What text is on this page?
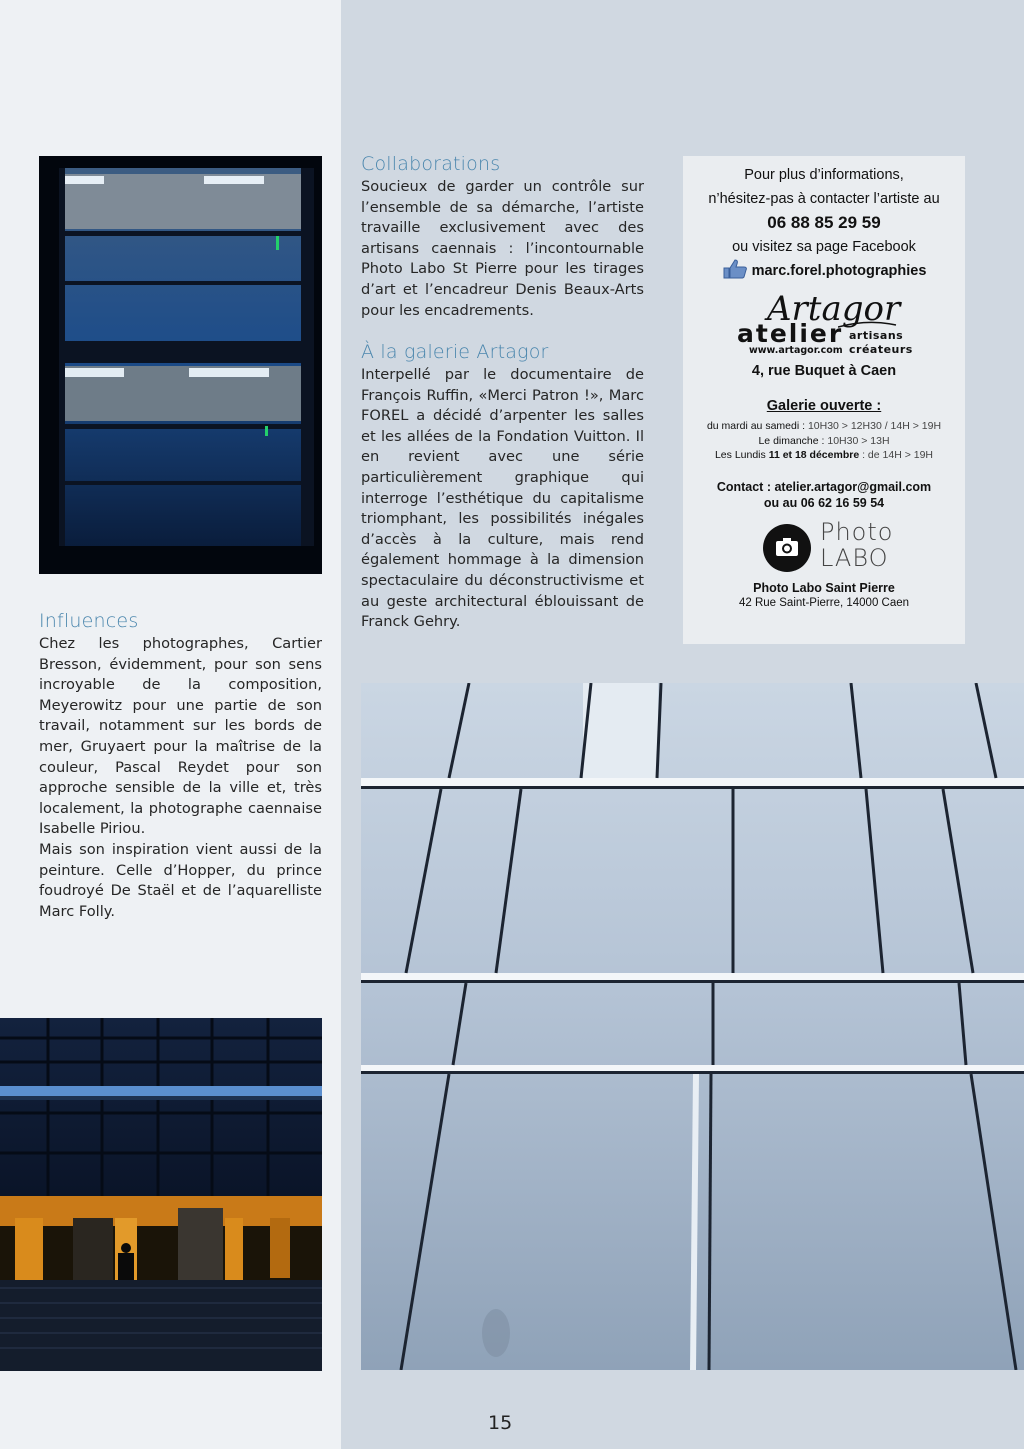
Collaborations
Soucieux de garder un contrôle sur l’ensemble de sa démarche, l’artiste travaille exclusivement avec des artisans caennais : l’incontournable Photo Labo St Pierre pour les tirages d’art et l’encadreur Denis Beaux-Arts pour les encadrements.
À la galerie Artagor
Interpellé par le documentaire de François Ruffin, «Merci Patron !», Marc FOREL a décidé d’arpenter les salles et les allées de la Fondation Vuitton. Il en revient avec une série particulièrement graphique qui interroge l’esthétique du capitalisme triomphant, les possibilités inégales d’accès à la culture, mais rend également hommage à la dimension spectaculaire du déconstructivisme et au geste architectural éblouissant de Franck Gehry.
Influences

Chez les photographes, Cartier Bresson, évidemment, pour son sens incroyable de la composition, Meyerowitz pour une partie de son travail, notamment sur les bords de mer, Gruyaert pour la maîtrise de la couleur, Pascal Reydet pour son approche sensible de la ville et, très localement, la photographe caennaise Isabelle Piriou.

Mais son inspiration vient aussi de la peinture. Celle d’Hopper, du prince foudroyé De Staël et de l’aquarelliste Marc Folly.

Pour plus d’informations,
n’hésitez-pas à contacter l’artiste au
06 88 85 29 59
ou visitez sa page Facebook
marc.forel.photographies
Artagor
atelier artisans
www.artagor.com créateurs
4, rue Buquet à Caen
Galerie ouverte :
du mardi au samedi : 10H30 > 12H30 / 14H > 19H
Le dimanche : 10H30 > 13H
Les Lundis 11 et 18 décembre : de 14H > 19H
Contact : atelier.artagor@gmail.com
ou au 06 62 16 59 54
Photo
LABO
Photo Labo Saint Pierre
42 Rue Saint-Pierre, 14000 Caen
15
